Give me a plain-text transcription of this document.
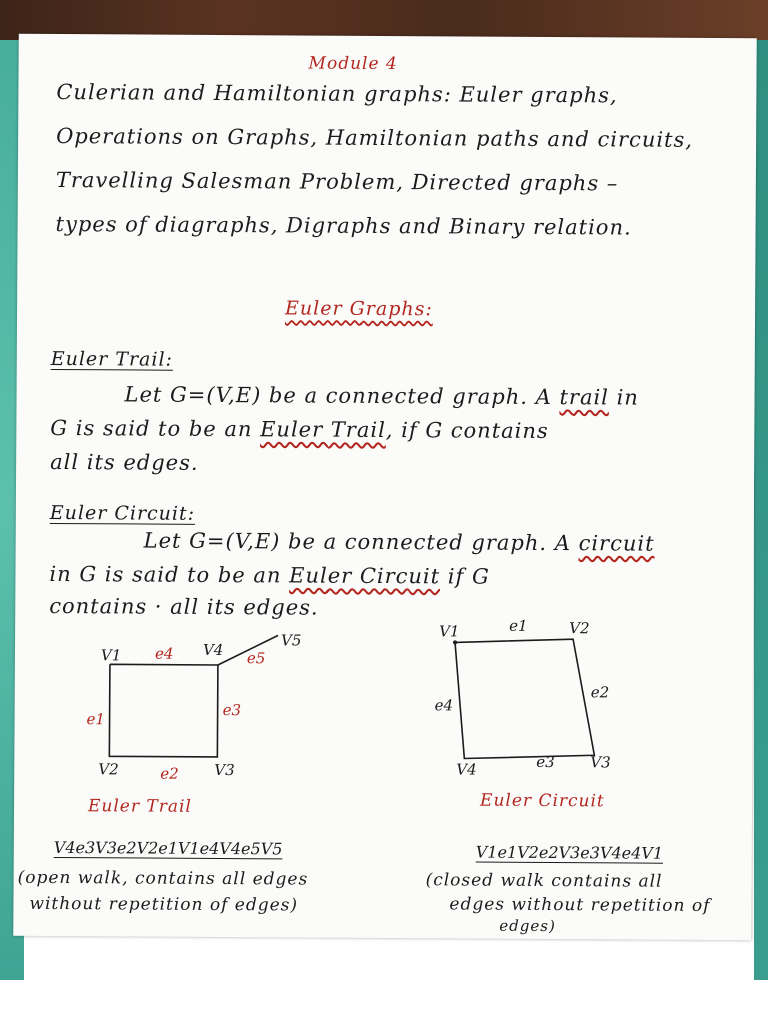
Module 4
Culerian and Hamiltonian graphs: Euler graphs,
Operations on Graphs, Hamiltonian paths and circuits,
Travelling Salesman Problem, Directed graphs –
types of diagraphs, Digraphs and Binary relation.
Euler Graphs:
Euler Trail:
Let G=(V,E) be a connected graph. A trail in
G is said to be an Euler Trail, if G contains
all its edges.
Euler Circuit:
Let G=(V,E) be a connected graph. A circuit
in G is said to be an Euler Circuit if G
contains · all its edges.
V1	V4
V5
V2	V3
e4	e5
e1
e3
e2
V1	V2
V3
V4
e1
e2
e3
e4
Euler Trail	Euler Circuit
V4e3V3e2V2e1V1e4V4e5V5	V1e1V2e2V3e3V4e4V1
(open walk, contains all edges
without repetition of edges)
(closed walk contains all
edges without repetition of
edges)
